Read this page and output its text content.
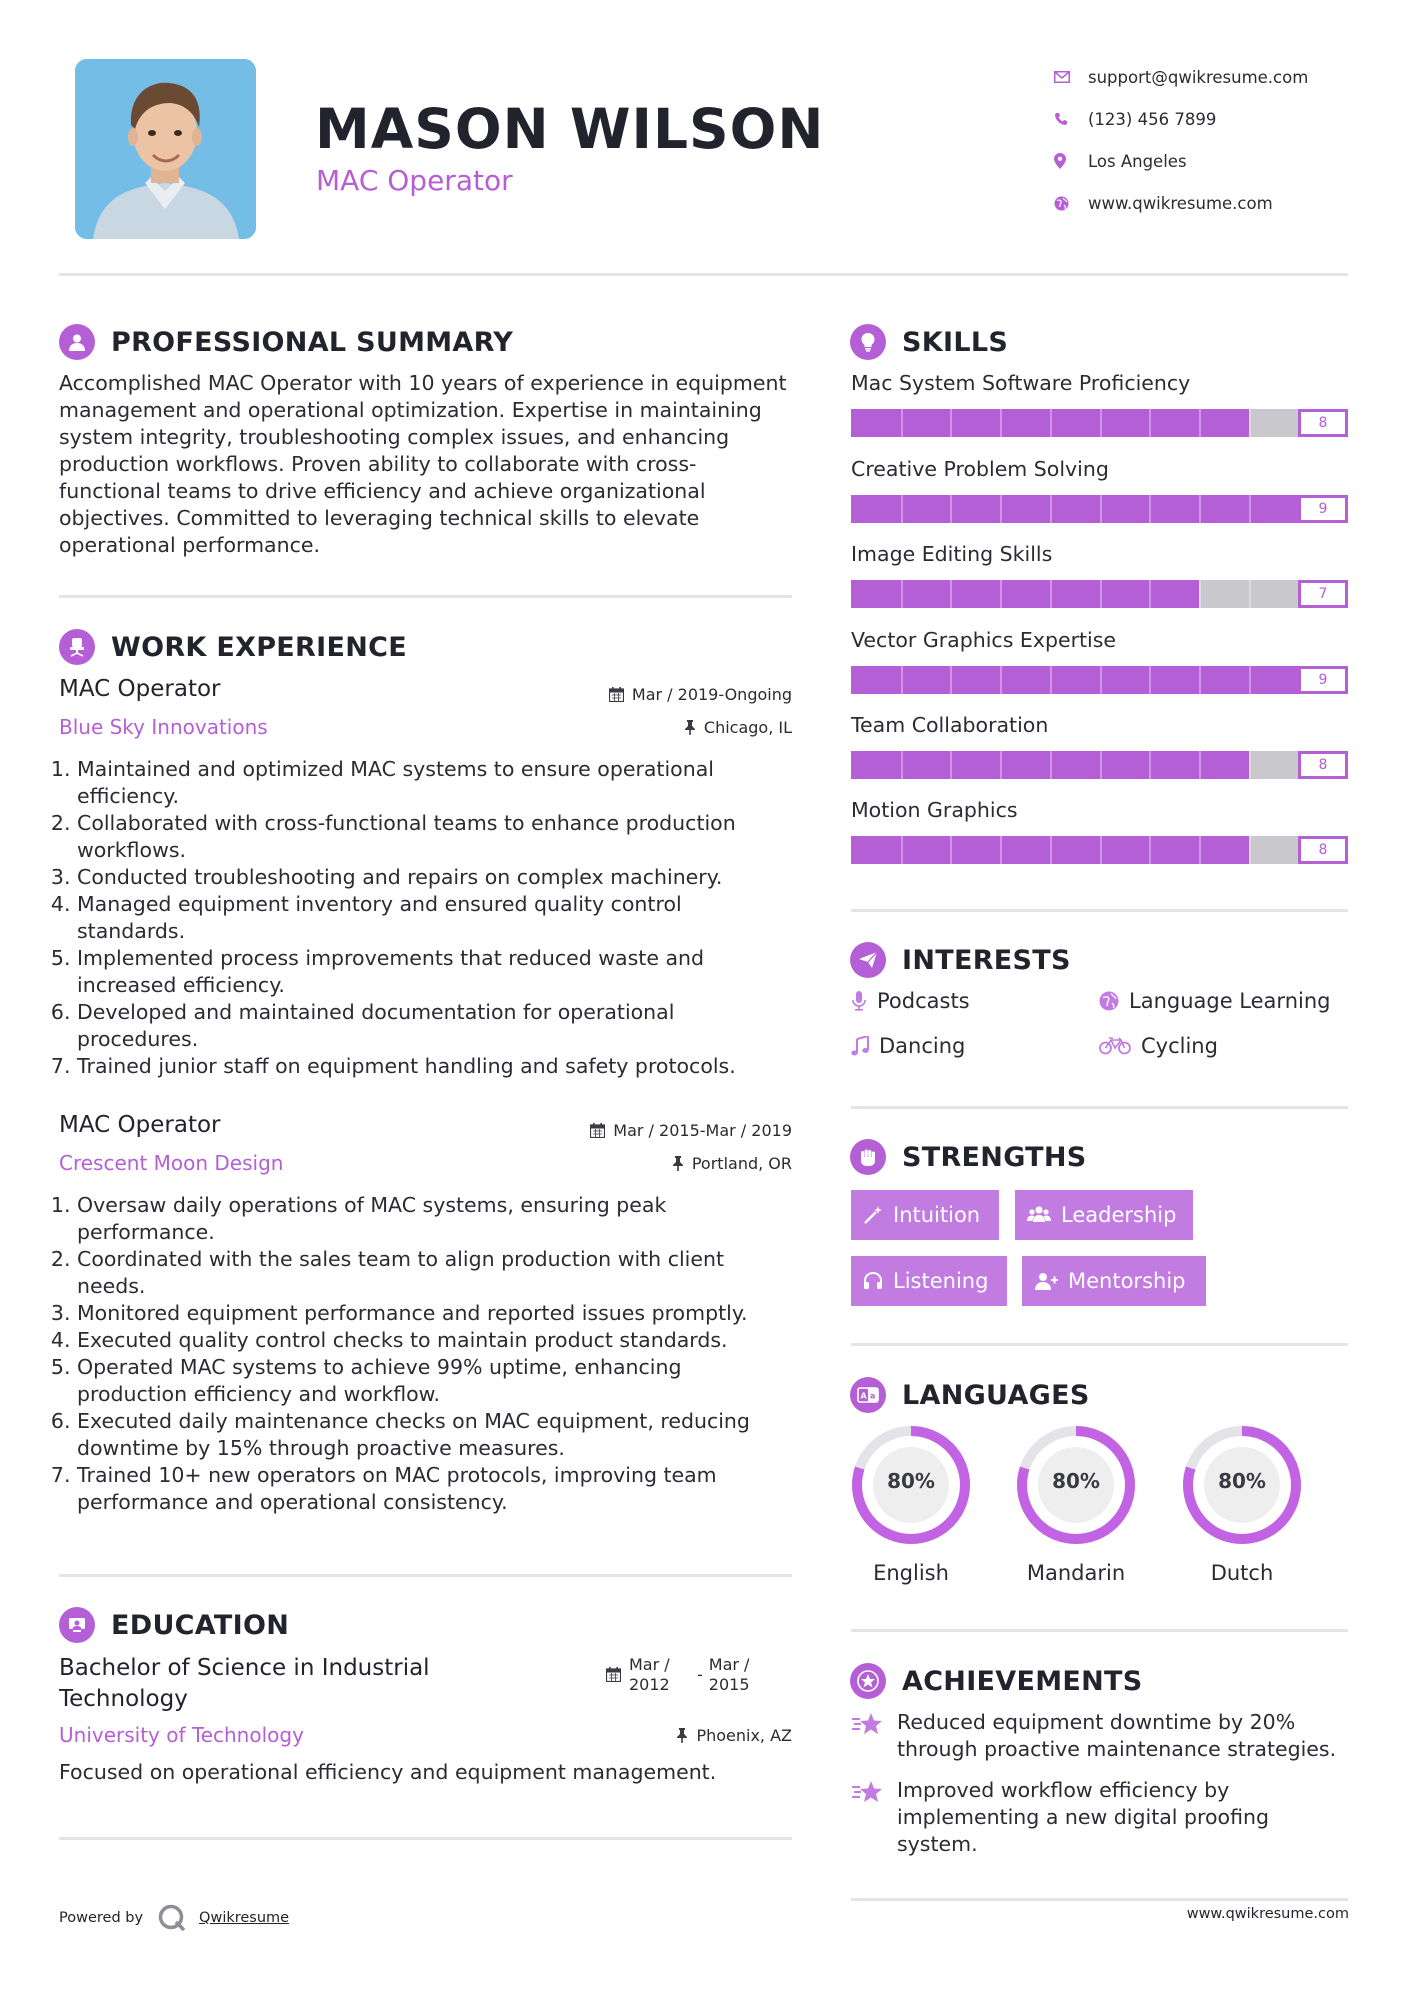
MASON WILSON
MAC Operator
support@qwikresume.com
(123) 456 7899
Los Angeles
www.qwikresume.com
PROFESSIONAL SUMMARY
Accomplished MAC Operator with 10 years of experience in equipment management and operational optimization. Expertise in maintaining system integrity, troubleshooting complex issues, and enhancing production workflows. Proven ability to collaborate with cross-functional teams to drive efficiency and achieve organizational objectives. Committed to leveraging technical skills to elevate operational performance.
WORK EXPERIENCE
MAC Operator	Mar / 2019-Ongoing
Blue Sky Innovations	Chicago, IL
1. Maintained and optimized MAC systems to ensure operational efficiency.
2. Collaborated with cross-functional teams to enhance production workflows.
3. Conducted troubleshooting and repairs on complex machinery.
4. Managed equipment inventory and ensured quality control standards.
5. Implemented process improvements that reduced waste and increased efficiency.
6. Developed and maintained documentation for operational procedures.
7. Trained junior staff on equipment handling and safety protocols.
MAC Operator	Mar / 2015-Mar / 2019
Crescent Moon Design	Portland, OR
1. Oversaw daily operations of MAC systems, ensuring peak performance.
2. Coordinated with the sales team to align production with client needs.
3. Monitored equipment performance and reported issues promptly.
4. Executed quality control checks to maintain product standards.
5. Operated MAC systems to achieve 99% uptime, enhancing production efficiency and workflow.
6. Executed daily maintenance checks on MAC equipment, reducing downtime by 15% through proactive measures.
7. Trained 10+ new operators on MAC protocols, improving team performance and operational consistency.
EDUCATION
Bachelor of Science in Industrial Technology
Mar / 2012
-
Mar / 2015
University of Technology	Phoenix, AZ
Focused on operational efficiency and equipment management.
SKILLS
Mac System Software Proficiency
8
Creative Problem Solving
9
Image Editing Skills
7
Vector Graphics Expertise
9
Team Collaboration
8
Motion Graphics
8
INTERESTS
Podcasts	Language Learning
Dancing	Cycling
STRENGTHS
Intuition	Leadership
Listening	Mentorship
A a LANGUAGES
80%
English
80%
Mandarin
80%
Dutch
ACHIEVEMENTS
Reduced equipment downtime by 20% through proactive maintenance strategies.
Improved workflow efficiency by implementing a new digital proofing system.
Powered by	Qwikresume	www.qwikresume.com
